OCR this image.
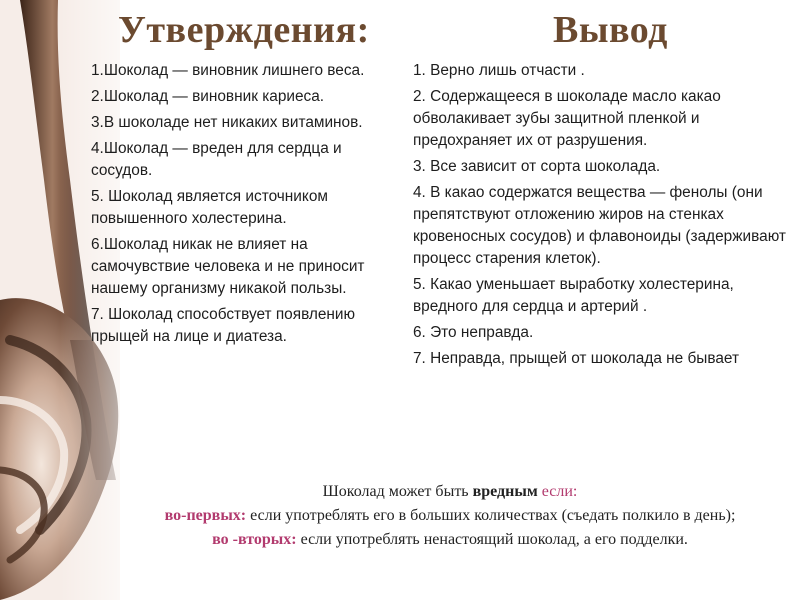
Утверждения:	Вывод

1.Шоколад — виновник лишнего веса.

2.Шоколад — виновник кариеса.

3.В шоколаде нет никаких витаминов.

4.Шоколад — вреден для сердца и сосудов.

5. Шоколад является источником повышенного холестерина.

6.Шоколад никак не влияет на самочувствие человека и не приносит нашему организму никакой пользы.

7. Шоколад способствует появлению прыщей на лице и диатеза.

1. Верно лишь отчасти .

2. Содержащееся в шоколаде масло какао обволакивает зубы защитной пленкой и предохраняет их от разрушения.

3. Все зависит от сорта шоколада.

4. В какао содержатся вещества — фенолы (они препятствуют отложению жиров на стенках кровеносных сосудов) и флавоноиды (задерживают процесс старения клеток).

5. Какао уменьшает выработку холестерина, вредного для сердца и артерий .

6. Это неправда.

7. Неправда, прыщей от шоколада не бывает

Шоколад может быть вредным если:

во-первых: если употреблять его в больших количествах (съедать полкило в день);

во -вторых: если употреблять ненастоящий шоколад, а его подделки.
